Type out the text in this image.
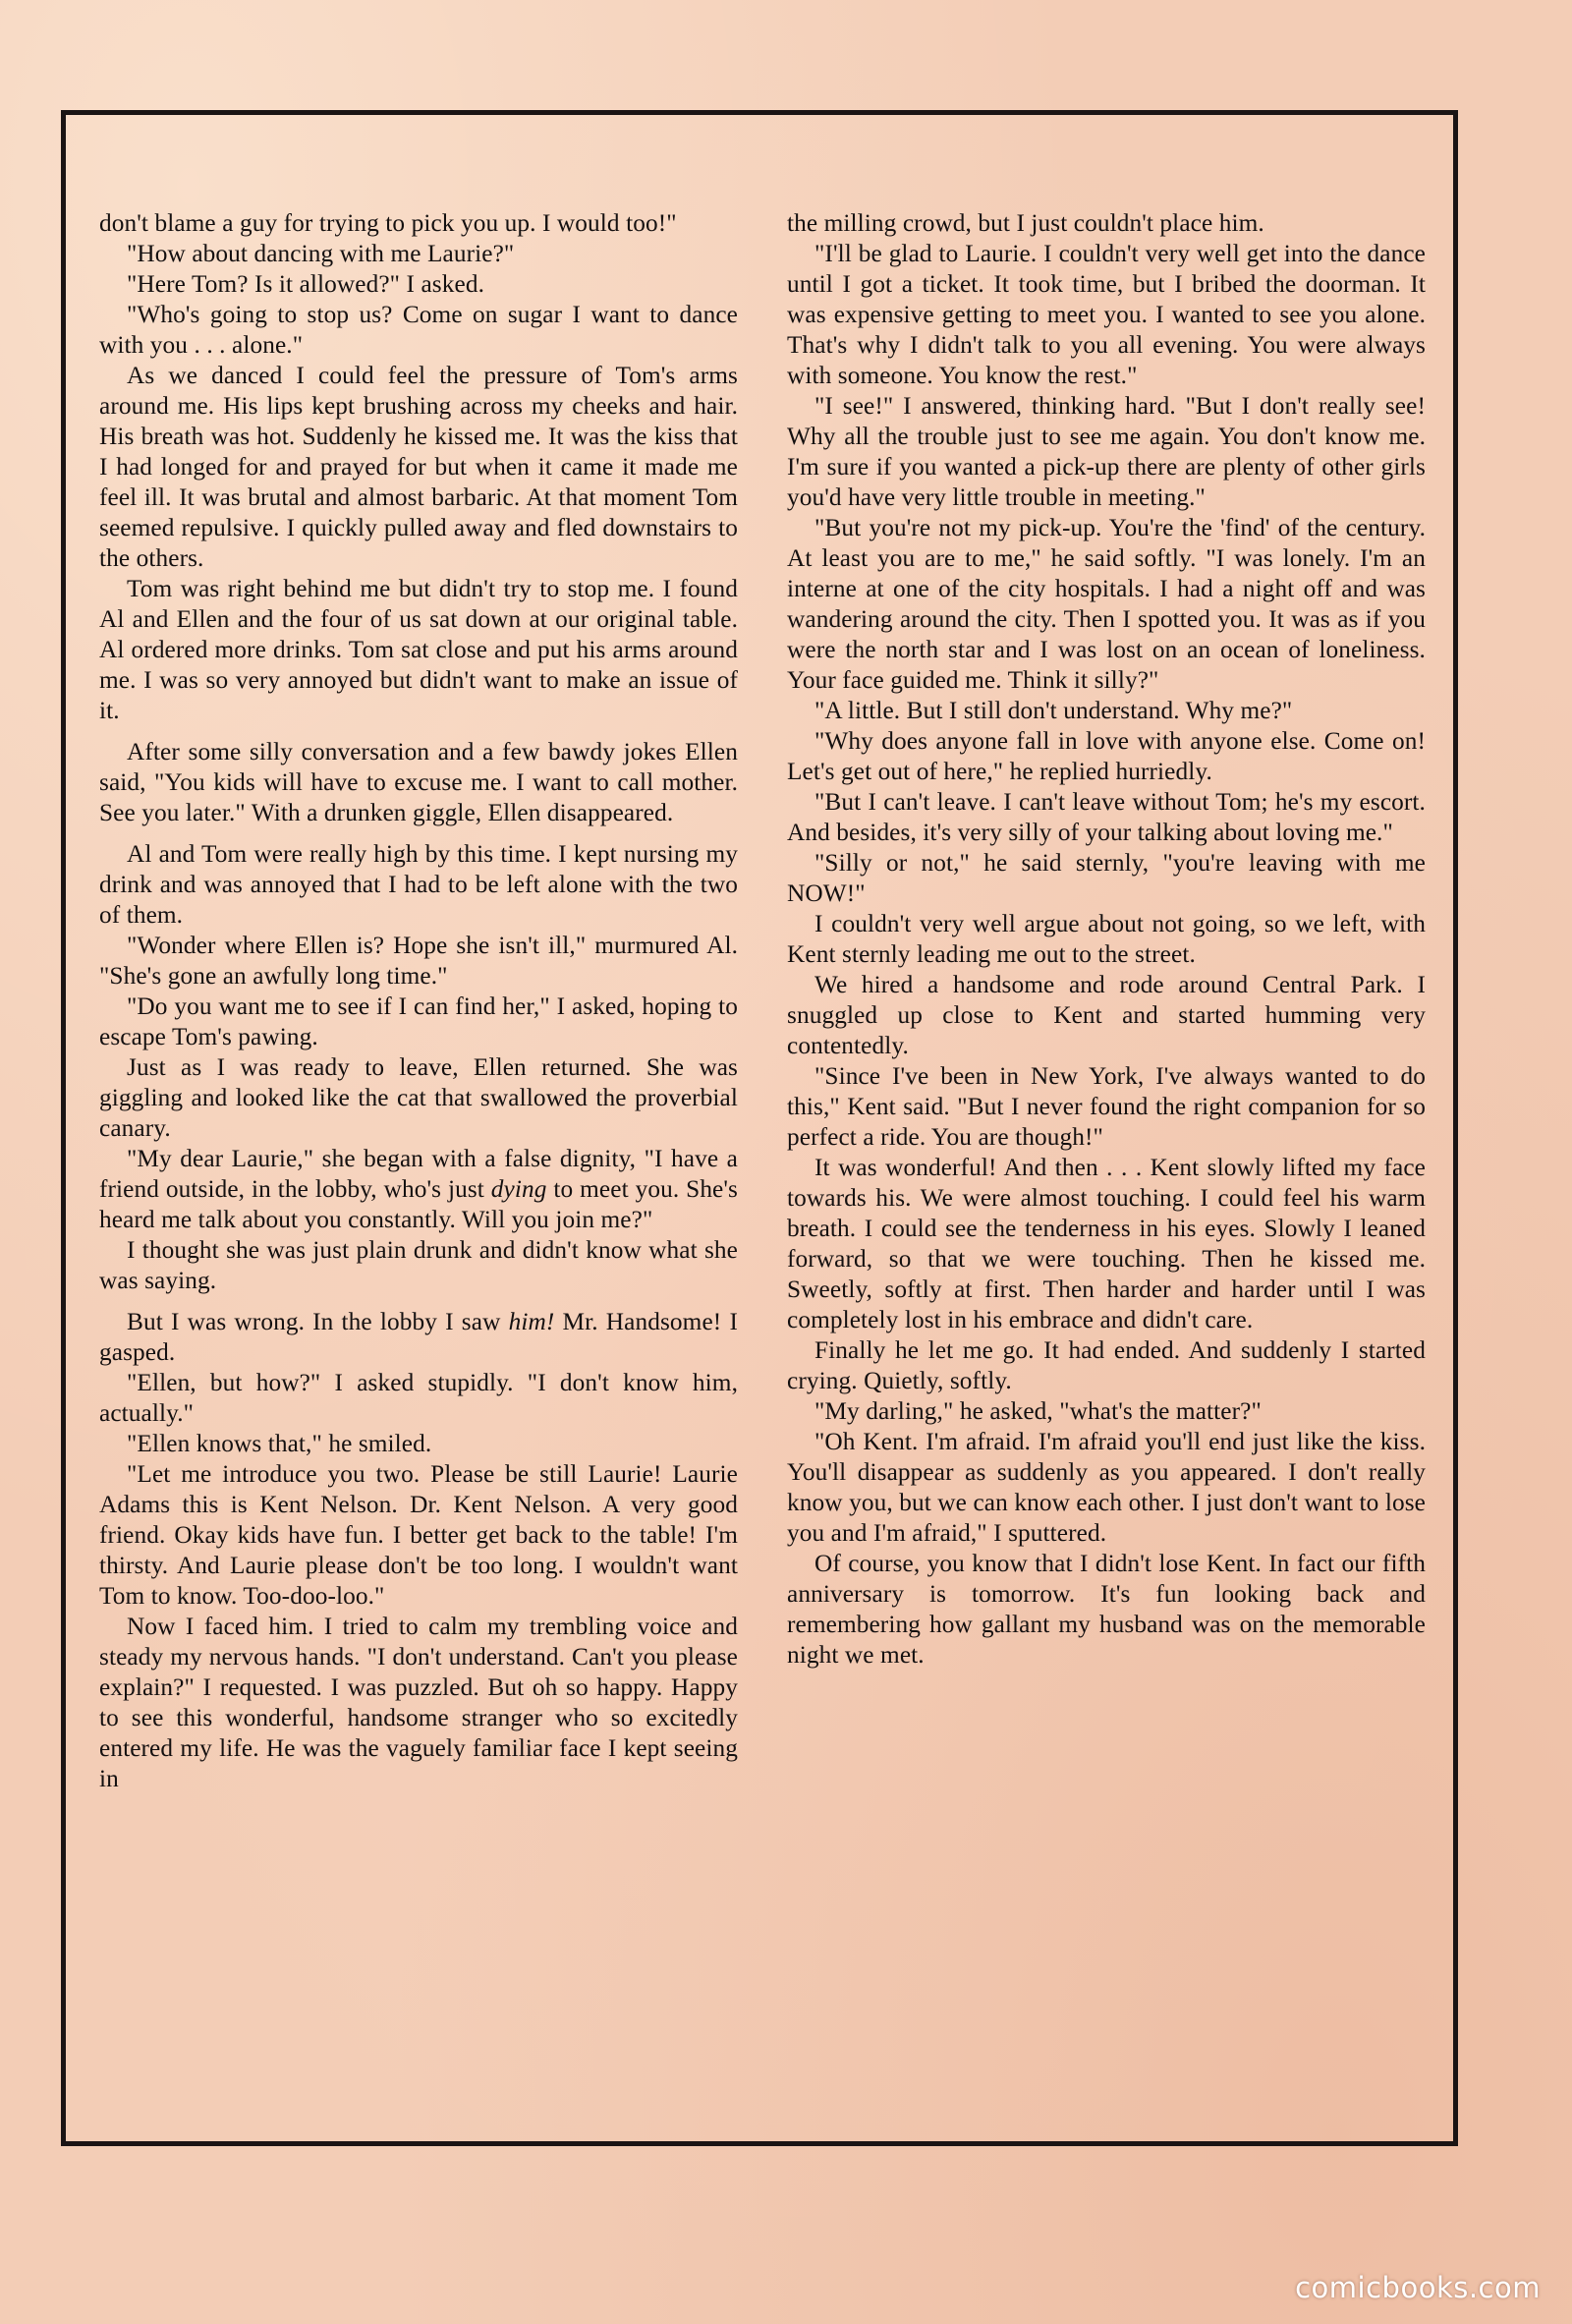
don't blame a guy for trying to pick you up. I would too!"

"How about dancing with me Laurie?"

"Here Tom? Is it allowed?" I asked.

"Who's going to stop us? Come on sugar I want to dance with you . . . alone."

As we danced I could feel the pressure of Tom's arms around me. His lips kept brushing across my cheeks and hair. His breath was hot. Suddenly he kissed me. It was the kiss that I had longed for and prayed for but when it came it made me feel ill. It was brutal and almost barbaric. At that moment Tom seemed repulsive. I quickly pulled away and fled downstairs to the others.

Tom was right behind me but didn't try to stop me. I found Al and Ellen and the four of us sat down at our original table. Al ordered more drinks. Tom sat close and put his arms around me. I was so very annoyed but didn't want to make an issue of it.

After some silly conversation and a few bawdy jokes Ellen said, "You kids will have to excuse me. I want to call mother. See you later." With a drunken giggle, Ellen disappeared.

Al and Tom were really high by this time. I kept nursing my drink and was annoyed that I had to be left alone with the two of them.

"Wonder where Ellen is? Hope she isn't ill," murmured Al. "She's gone an awfully long time."

"Do you want me to see if I can find her," I asked, hoping to escape Tom's pawing.

Just as I was ready to leave, Ellen returned. She was giggling and looked like the cat that swallowed the proverbial canary.

"My dear Laurie," she began with a false dignity, "I have a friend outside, in the lobby, who's just dying to meet you. She's heard me talk about you constantly. Will you join me?"

I thought she was just plain drunk and didn't know what she was saying.

But I was wrong. In the lobby I saw him! Mr. Handsome! I gasped.

"Ellen, but how?" I asked stupidly. "I don't know him, actually."

"Ellen knows that," he smiled.

"Let me introduce you two. Please be still Laurie! Laurie Adams this is Kent Nelson. Dr. Kent Nelson. A very good friend. Okay kids have fun. I better get back to the table! I'm thirsty. And Laurie please don't be too long. I wouldn't want Tom to know. Too-doo-loo."

Now I faced him. I tried to calm my trembling voice and steady my nervous hands. "I don't understand. Can't you please explain?" I requested. I was puzzled. But oh so happy. Happy to see this wonderful, handsome stranger who so excitedly entered my life. He was the vaguely familiar face I kept seeing in

the milling crowd, but I just couldn't place him.

"I'll be glad to Laurie. I couldn't very well get into the dance until I got a ticket. It took time, but I bribed the doorman. It was expensive getting to meet you. I wanted to see you alone. That's why I didn't talk to you all evening. You were always with someone. You know the rest."

"I see!" I answered, thinking hard. "But I don't really see! Why all the trouble just to see me again. You don't know me. I'm sure if you wanted a pick-up there are plenty of other girls you'd have very little trouble in meeting."

"But you're not my pick-up. You're the 'find' of the century. At least you are to me," he said softly. "I was lonely. I'm an interne at one of the city hospitals. I had a night off and was wandering around the city. Then I spotted you. It was as if you were the north star and I was lost on an ocean of loneliness. Your face guided me. Think it silly?"

"A little. But I still don't understand. Why me?"

"Why does anyone fall in love with anyone else. Come on! Let's get out of here," he replied hurriedly.

"But I can't leave. I can't leave without Tom; he's my escort. And besides, it's very silly of your talking about loving me."

"Silly or not," he said sternly, "you're leaving with me NOW!"

I couldn't very well argue about not going, so we left, with Kent sternly leading me out to the street.

We hired a handsome and rode around Central Park. I snuggled up close to Kent and started humming very contentedly.

"Since I've been in New York, I've always wanted to do this," Kent said. "But I never found the right companion for so perfect a ride. You are though!"

It was wonderful! And then . . . Kent slowly lifted my face towards his. We were almost touching. I could feel his warm breath. I could see the tenderness in his eyes. Slowly I leaned forward, so that we were touching. Then he kissed me. Sweetly, softly at first. Then harder and harder until I was completely lost in his embrace and didn't care.

Finally he let me go. It had ended. And suddenly I started crying. Quietly, softly.

"My darling," he asked, "what's the matter?"

"Oh Kent. I'm afraid. I'm afraid you'll end just like the kiss. You'll disappear as suddenly as you appeared. I don't really know you, but we can know each other. I just don't want to lose you and I'm afraid," I sputtered.

Of course, you know that I didn't lose Kent. In fact our fifth anniversary is tomorrow. It's fun looking back and remembering how gallant my husband was on the memorable night we met.

comicbooks.com
